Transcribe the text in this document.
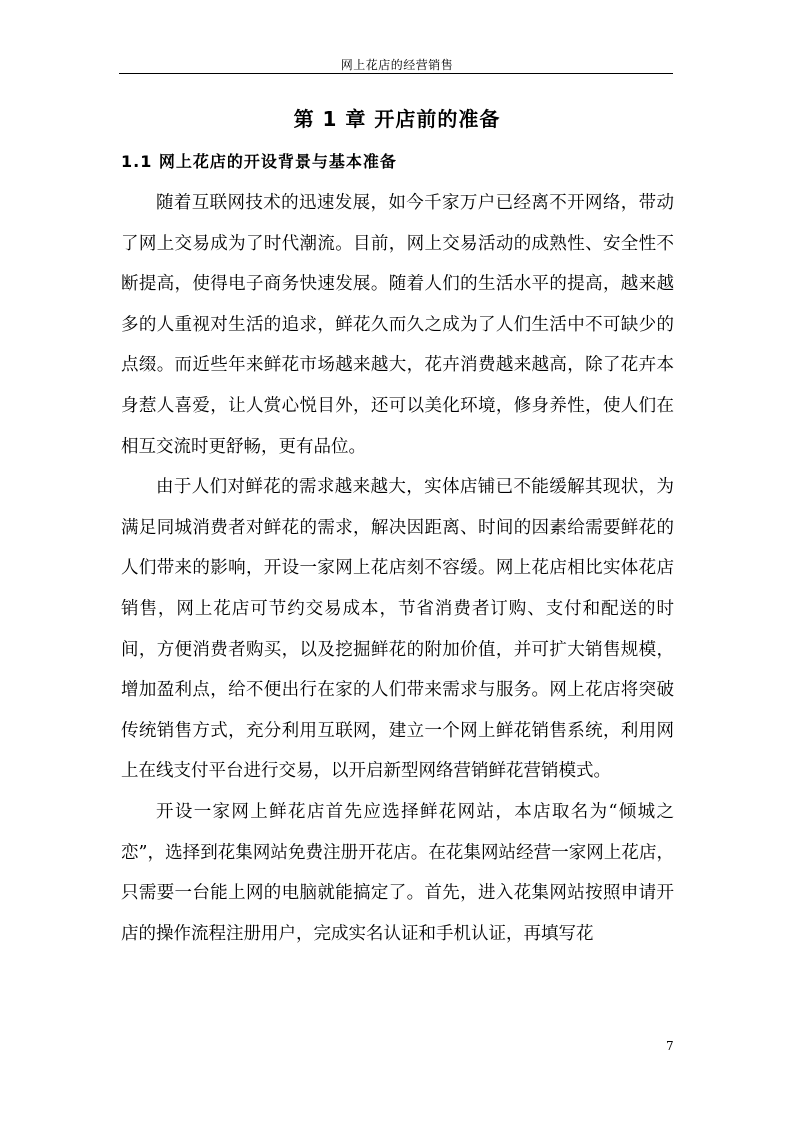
网上花店的经营销售
第 1 章 开店前的准备
1.1 网上花店的开设背景与基本准备

随着互联网技术的迅速发展，如今千家万户已经离不开网络，带动了网上交易成为了时代潮流。目前，网上交易活动的成熟性、安全性不断提高，使得电子商务快速发展。随着人们的生活水平的提高，越来越多的人重视对生活的追求，鲜花久而久之成为了人们生活中不可缺少的点缀。而近些年来鲜花市场越来越大，花卉消费越来越高，除了花卉本身惹人喜爱，让人赏心悦目外，还可以美化环境，修身养性，使人们在相互交流时更舒畅，更有品位。

由于人们对鲜花的需求越来越大，实体店铺已不能缓解其现状，为满足同城消费者对鲜花的需求，解决因距离、时间的因素给需要鲜花的人们带来的影响，开设一家网上花店刻不容缓。网上花店相比实体花店销售，网上花店可节约交易成本，节省消费者订购、支付和配送的时间，方便消费者购买，以及挖掘鲜花的附加价值，并可扩大销售规模，增加盈利点，给不便出行在家的人们带来需求与服务。网上花店将突破传统销售方式，充分利用互联网，建立一个网上鲜花销售系统，利用网上在线支付平台进行交易，以开启新型网络营销鲜花营销模式。

开设一家网上鲜花店首先应选择鲜花网站，本店取名为“倾城之恋”，选择到花集网站免费注册开花店。在花集网站经营一家网上花店，只需要一台能上网的电脑就能搞定了。首先，进入花集网站按照申请开店的操作流程注册用户，完成实名认证和手机认证，再填写花

7
